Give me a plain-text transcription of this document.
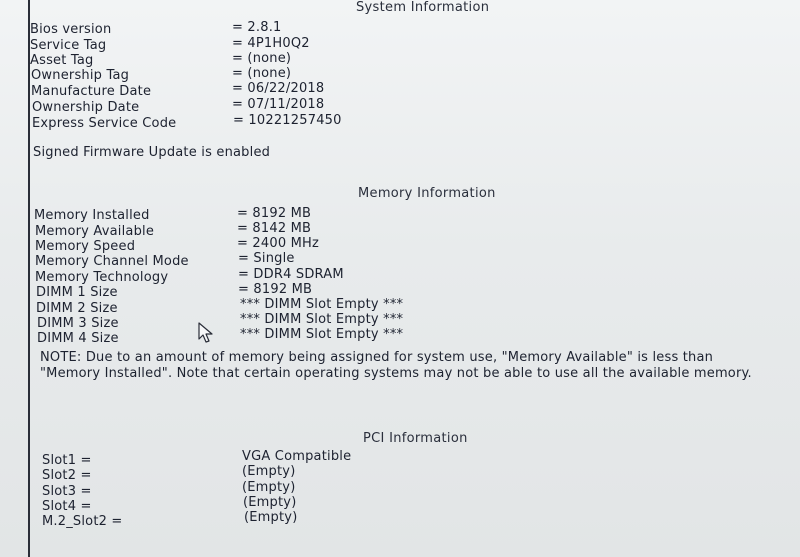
System Information
Bios version	= 2.8.1
Service Tag	= 4P1H0Q2
Asset Tag	= (none)
Ownership Tag	= (none)
Manufacture Date	= 06/22/2018
Ownership Date	= 07/11/2018
Express Service Code	= 10221257450
Signed Firmware Update is enabled
Memory Information
Memory Installed	= 8192 MB
Memory Available	= 8142 MB
Memory Speed	= 2400 MHz
Memory Channel Mode	= Single
Memory Technology	= DDR4 SDRAM
DIMM 1 Size	= 8192 MB
DIMM 2 Size	*** DIMM Slot Empty ***
DIMM 3 Size	*** DIMM Slot Empty ***
DIMM 4 Size	*** DIMM Slot Empty ***
NOTE: Due to an amount of memory being assigned for system use, "Memory Available" is less than "Memory Installed". Note that certain operating systems may not be able to use all the available memory.
PCI Information
Slot1 =	VGA Compatible
Slot2 =	(Empty)
Slot3 =	(Empty)
Slot4 =	(Empty)
M.2_Slot2 =	(Empty)
